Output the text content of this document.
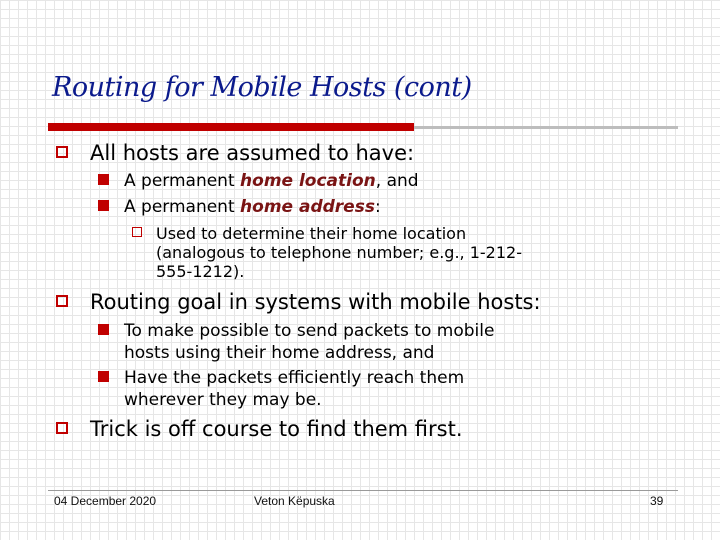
Routing for Mobile Hosts (cont)
All hosts are assumed to have:
A permanent home location, and
A permanent home address:
Used to determine their home location
(analogous to telephone number; e.g., 1-212-
555-1212).
Routing goal in systems with mobile hosts:
To make possible to send packets to mobile
hosts using their home address, and
Have the packets efficiently reach them
wherever they may be.
Trick is off course to find them first.
04 December 2020	Veton Këpuska	39
